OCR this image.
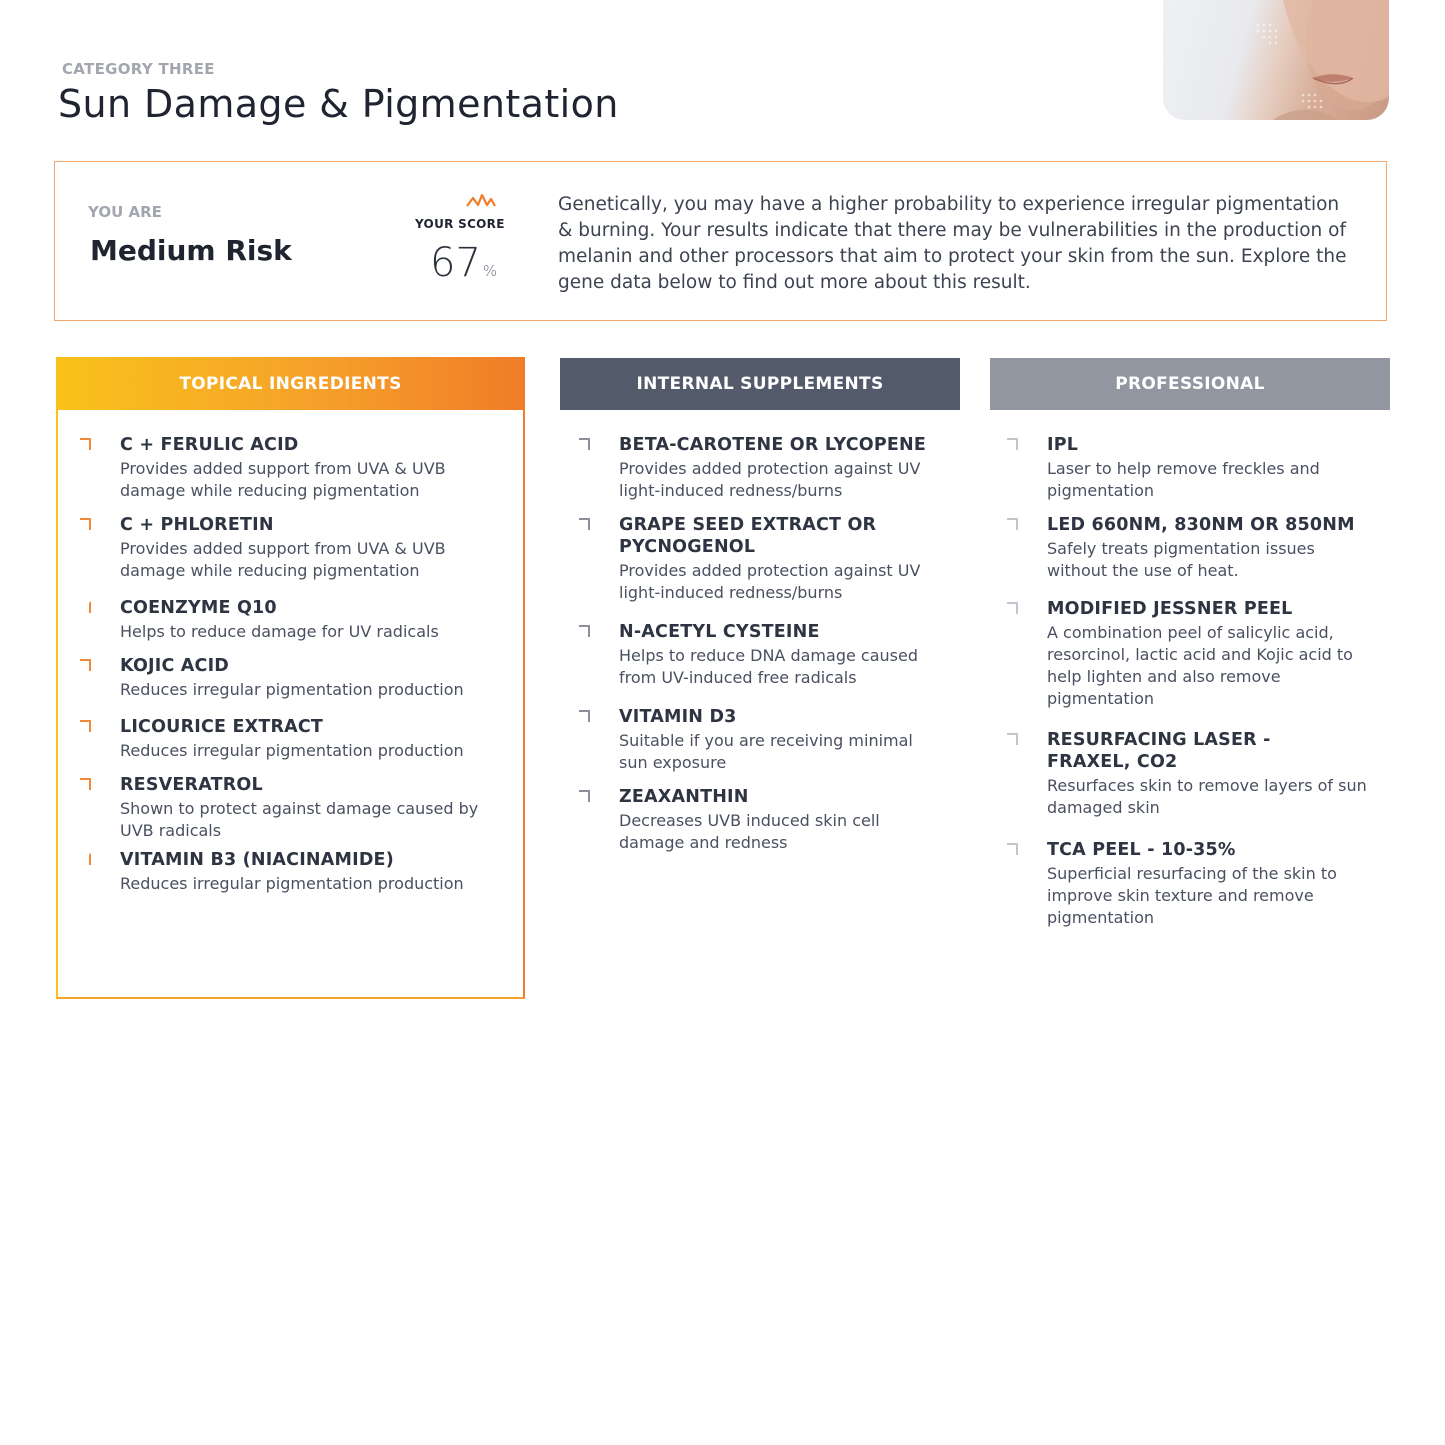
CATEGORY THREE
Sun Damage & Pigmentation
YOU ARE
Medium Risk
YOUR SCORE
67 %
Genetically, you may have a higher probability to experience irregular pigmentation & burning. Your results indicate that there may be vulnerabilities in the production of melanin and other processors that aim to protect your skin from the sun. Explore the gene data below to find out more about this result.
TOPICAL INGREDIENTS	INTERNAL SUPPLEMENTS	PROFESSIONAL
C + FERULIC ACID
Provides added support from UVA & UVB damage while reducing pigmentation
C + PHLORETIN
Provides added support from UVA & UVB damage while reducing pigmentation
COENZYME Q10
Helps to reduce damage for UV radicals
KOJIC ACID
Reduces irregular pigmentation production
LICOURICE EXTRACT
Reduces irregular pigmentation production
RESVERATROL
Shown to protect against damage caused by UVB radicals
VITAMIN B3 (NIACINAMIDE)
Reduces irregular pigmentation production
BETA-CAROTENE OR LYCOPENE
Provides added protection against UV light-induced redness/burns
GRAPE SEED EXTRACT OR PYCNOGENOL
Provides added protection against UV light-induced redness/burns
N-ACETYL CYSTEINE
Helps to reduce DNA damage caused from UV-induced free radicals
VITAMIN D3
Suitable if you are receiving minimal sun exposure
ZEAXANTHIN
Decreases UVB induced skin cell damage and redness
IPL
Laser to help remove freckles and pigmentation
LED 660NM, 830NM OR 850NM
Safely treats pigmentation issues without the use of heat.
MODIFIED JESSNER PEEL
A combination peel of salicylic acid, resorcinol, lactic acid and Kojic acid to help lighten and also remove pigmentation
RESURFACING LASER - FRAXEL, CO2
Resurfaces skin to remove layers of sun damaged skin
TCA PEEL - 10-35%
Superficial resurfacing of the skin to improve skin texture and remove pigmentation
